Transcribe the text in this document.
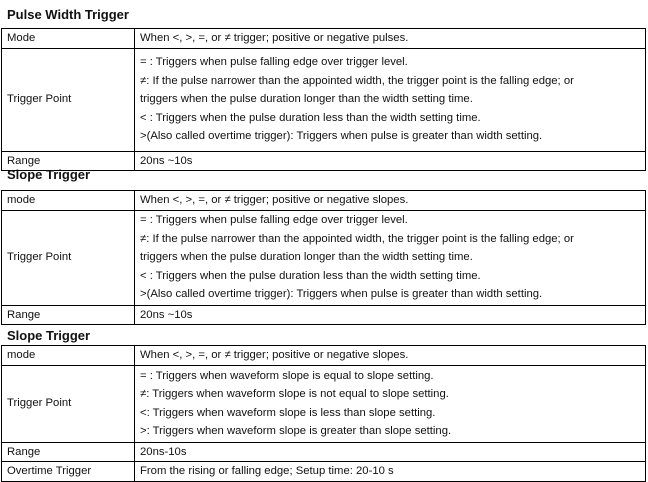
Pulse Width Trigger
Mode	When <, >, =, or ≠ trigger; positive or negative pulses.

Trigger Point	= : Triggers when pulse falling edge over trigger level.
≠: If the pulse narrower than the appointed width, the trigger point is the falling edge; or
triggers when the pulse duration longer than the width setting time.
< : Triggers when the pulse duration less than the width setting time.
>(Also called overtime trigger): Triggers when pulse is greater than width setting.

Range	20ns ~10s
Slope Trigger
mode	When <, >, =, or ≠ trigger; positive or negative slopes.

Trigger Point	= : Triggers when pulse falling edge over trigger level.
≠: If the pulse narrower than the appointed width, the trigger point is the falling edge; or
triggers when the pulse duration longer than the width setting time.
< : Triggers when the pulse duration less than the width setting time.
>(Also called overtime trigger): Triggers when pulse is greater than width setting.

Range	20ns ~10s
Slope Trigger
mode	When <, >, =, or ≠ trigger; positive or negative slopes.

Trigger Point	= : Triggers when waveform slope is equal to slope setting.
≠: Triggers when waveform slope is not equal to slope setting.
<: Triggers when waveform slope is less than slope setting.
>: Triggers when waveform slope is greater than slope setting.

Range	20ns-10s

Overtime Trigger	From the rising or falling edge; Setup time: 20-10 s
